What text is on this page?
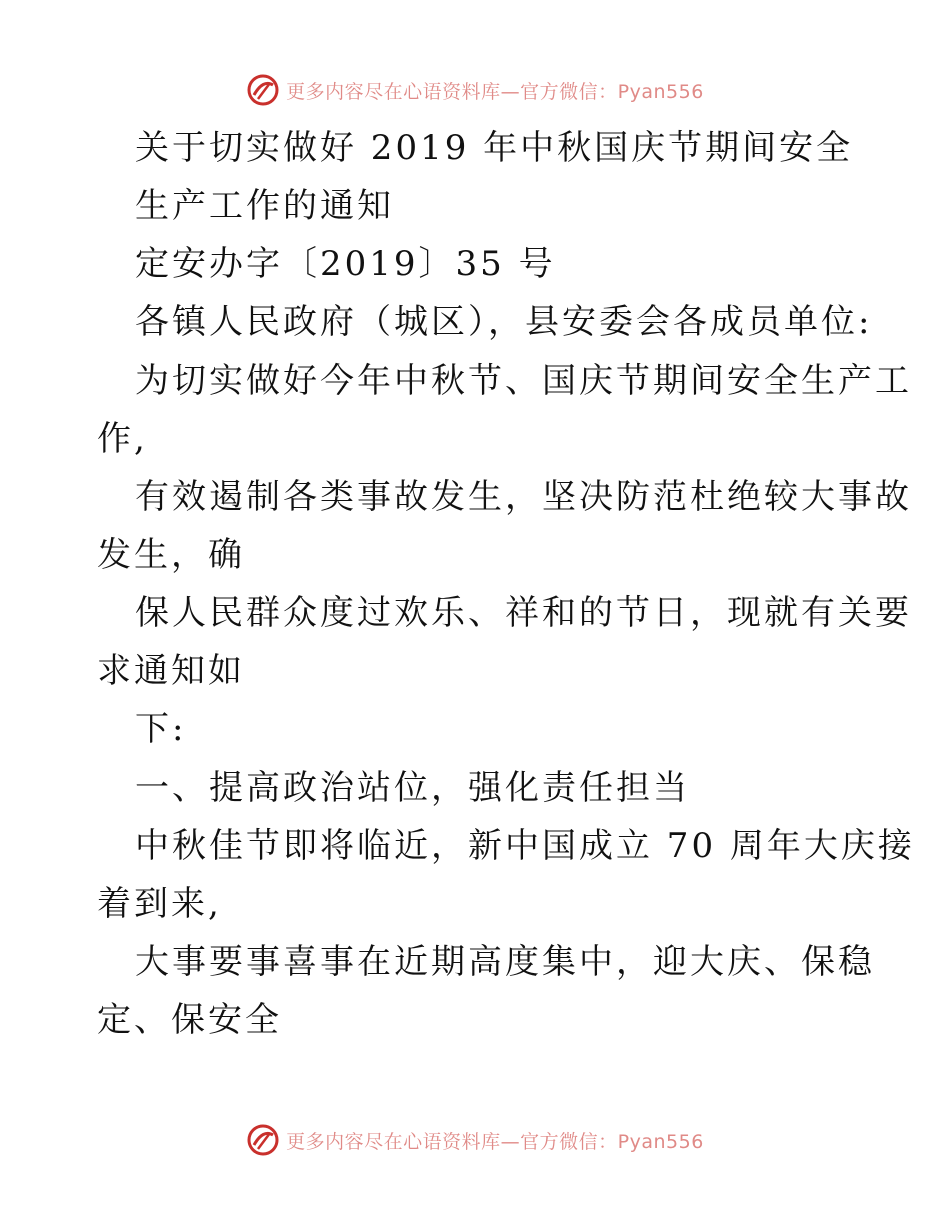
更多内容尽在心语资料库—官方微信：Pyan556
关于切实做好 2019 年中秋国庆节期间安全
生产工作的通知
定安办字〔2019〕35 号
各镇人民政府（城区），县安委会各成员单位:
为切实做好今年中秋节、国庆节期间安全生产工
作,
有效遏制各类事故发生，坚决防范杜绝较大事故
发生，确
保人民群众度过欢乐、祥和的节日，现就有关要
求通知如
下:
一、提高政治站位，强化责任担当
中秋佳节即将临近，新中国成立 70 周年大庆接
着到来,
大事要事喜事在近期高度集中，迎大庆、保稳
定、保安全
更多内容尽在心语资料库—官方微信：Pyan556
